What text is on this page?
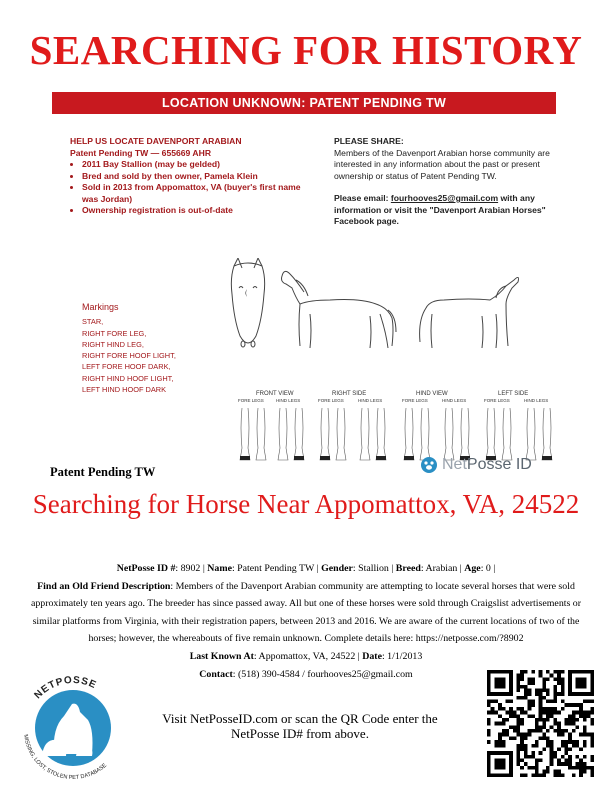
SEARCHING FOR HISTORY
LOCATION UNKNOWN: PATENT PENDING TW
HELP US LOCATE DAVENPORT ARABIAN
Patent Pending TW — 655669 AHR
• 2011 Bay Stallion (may be gelded)
• Bred and sold by then owner, Pamela Klein
• Sold in 2013 from Appomattox, VA (buyer's first name was Jordan)
• Ownership registration is out-of-date
PLEASE SHARE:
Members of the Davenport Arabian horse community are interested in any information about the past or present ownership or status of Patent Pending TW.
Please email: fourhooves25@gmail.com with any information or visit the "Davenport Arabian Horses" Facebook page.
Markings
STAR,
RIGHT FORE LEG,
RIGHT HIND LEG,
RIGHT FORE HOOF LIGHT,
LEFT FORE HOOF DARK,
RIGHT HIND HOOF LIGHT,
LEFT HIND HOOF DARK	FRONT VIEW	RIGHT SIDE	HIND VIEW	LEFT SIDE
FORE LEGS	HIND LEGS	FORE LEGS	HIND LEGS	FORE LEGS	HIND LEGS	FORE LEGS	HIND LEGS
Patent Pending TW	NetPosse ID
Searching for Horse Near Appomattox, VA, 24522
NetPosse ID #: 8902 | Name: Patent Pending TW | Gender: Stallion | Breed: Arabian | Age: 0 |
Find an Old Friend Description: Members of the Davenport Arabian community are attempting to locate several horses that were sold approximately ten years ago. The breeder has since passed away. All but one of these horses were sold through Craigslist advertisements or similar platforms from Virginia, with their registration papers, between 2013 and 2016. We are aware of the current locations of two of the horses; however, the whereabouts of five remain unknown. Complete details here: https://netposse.com/?8902
Last Known At: Appomattox, VA, 24522 | Date: 1/1/2013
Contact: (518) 390-4584 / fourhooves25@gmail.com
NETPOSSE
MISSING, LOST, STOLEN PET DATABASE
Visit NetPosseID.com or scan the QR Code enter the NetPosse ID# from above.
